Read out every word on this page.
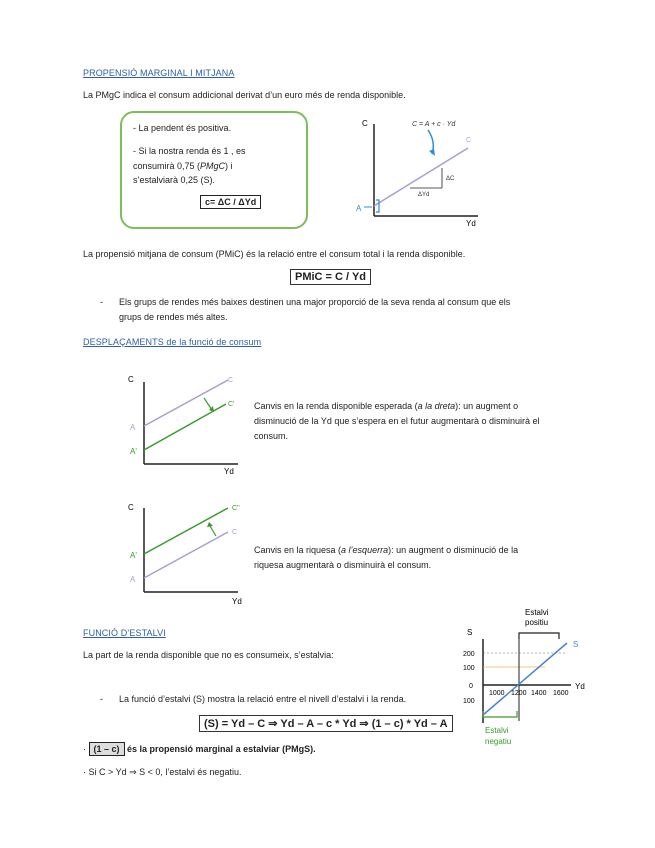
PROPENSIÓ MARGINAL I MITJANA
La PMgC indica el consum addicional derivat d’un euro més de renda disponible.
- La pendent és positiva.
- Si la nostra renda és 1 , es
consumirà 0,75 (PMgC) i
s’estalviarà 0,25 (S).
c= ΔC / ΔYd
C
Yd
C = A + c · Yd
C
ΔC
ΔYd
A
La propensió mitjana de consum (PMiC) és la relació entre el consum total i la renda disponible.
PMiC = C / Yd
- Els grups de rendes més baixes destinen una major proporció de la seva renda al consum que els
grups de rendes més altes.
DESPLAÇAMENTS de la funció de consum
C
Yd
C
C'
A
A'
Canvis en la renda disponible esperada (a la dreta): un augment o
disminució de la Yd que s’espera en el futur augmentarà o disminuirà el
consum.
C
Yd
C''
C
A'
A
Canvis en la riquesa (a l’esquerra): un augment o disminució de la
riquesa augmentarà o disminuirà el consum.
FUNCIÓ D’ESTALVI
La part de la renda disponible que no es consumeix, s’estalvia:
- La funció d’estalvi (S) mostra la relació entre el nivell d’estalvi i la renda.
(S) = Yd – C ⇒ Yd – A – c * Yd ⇒ (1 – c) * Yd – A
· (1 – c) és la propensió marginal a estalviar (PMgS).
· Si C > Yd ⇒ S < 0, l’estalvi és negatiu.
Estalvi
positiu
S
Yd
S
200
100
0
100
1000 1200 1400 1600
Estalvi
negatiu
